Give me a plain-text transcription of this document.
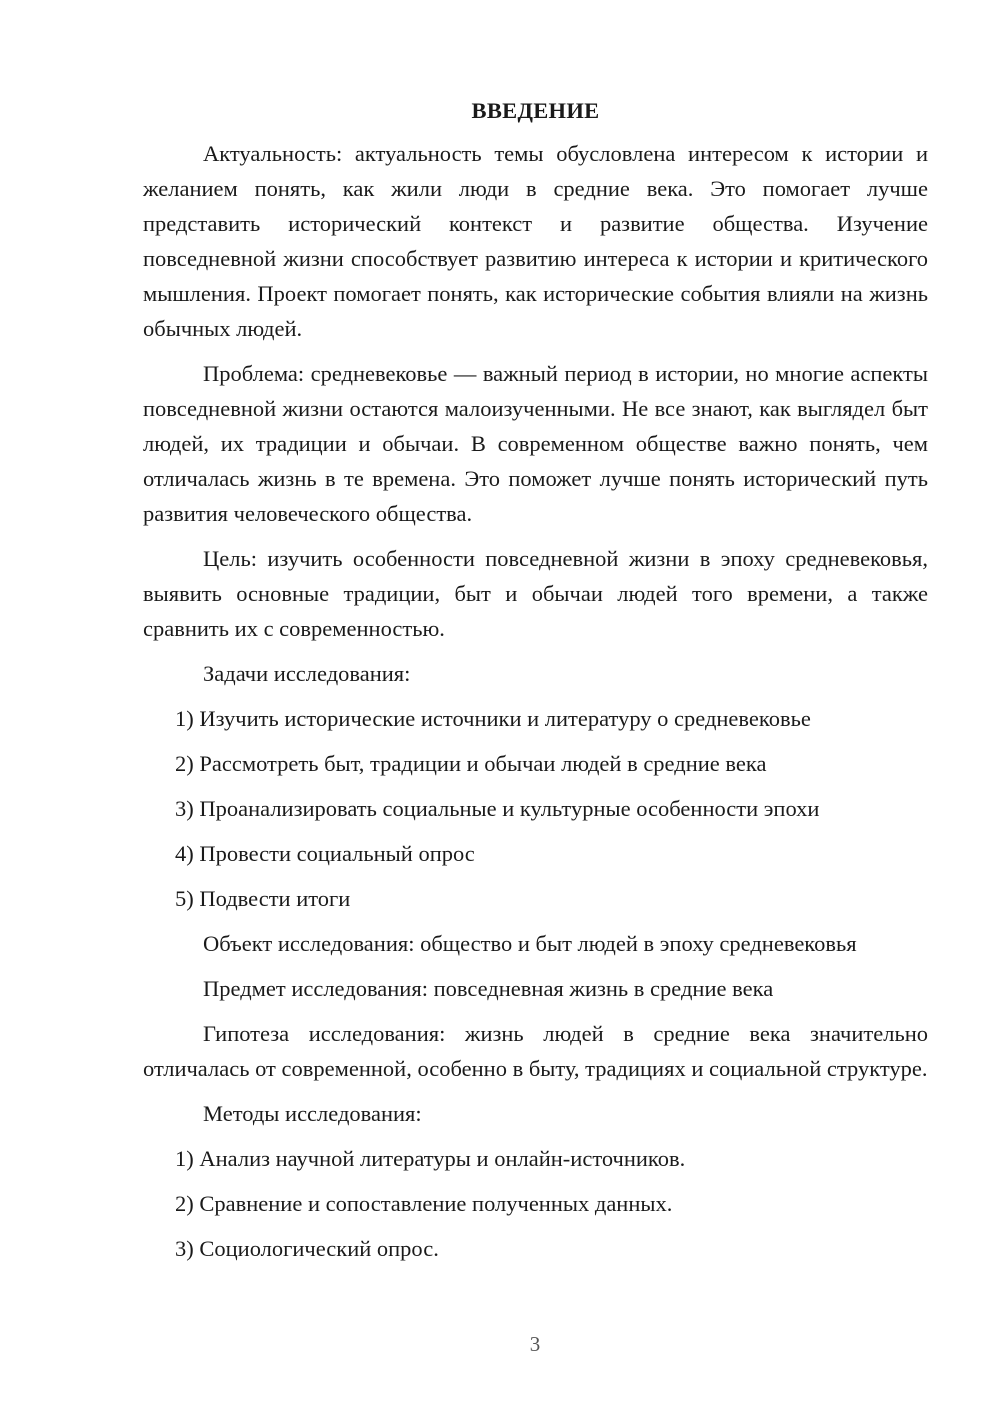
ВВЕДЕНИЕ
Актуальность: актуальность темы обусловлена интересом к истории и желанием понять, как жили люди в средние века. Это помогает лучше представить исторический контекст и развитие общества. Изучение повседневной жизни способствует развитию интереса к истории и критического мышления. Проект помогает понять, как исторические события влияли на жизнь обычных людей.
Проблема: средневековье — важный период в истории, но многие аспекты повседневной жизни остаются малоизученными. Не все знают, как выглядел быт людей, их традиции и обычаи. В современном обществе важно понять, чем отличалась жизнь в те времена. Это поможет лучше понять исторический путь развития человеческого общества.
Цель: изучить особенности повседневной жизни в эпоху средневековья, выявить основные традиции, быт и обычаи людей того времени, а также сравнить их с современностью.
Задачи исследования:
1) Изучить исторические источники и литературу о средневековье
2) Рассмотреть быт, традиции и обычаи людей в средние века
3) Проанализировать социальные и культурные особенности эпохи
4) Провести социальный опрос
5) Подвести итоги
Объект исследования: общество и быт людей в эпоху средневековья
Предмет исследования: повседневная жизнь в средние века
Гипотеза исследования: жизнь людей в средние века значительно отличалась от современной, особенно в быту, традициях и социальной структуре.
Методы исследования:
1) Анализ научной литературы и онлайн-источников.
2) Сравнение и сопоставление полученных данных.
3) Социологический опрос.
3
